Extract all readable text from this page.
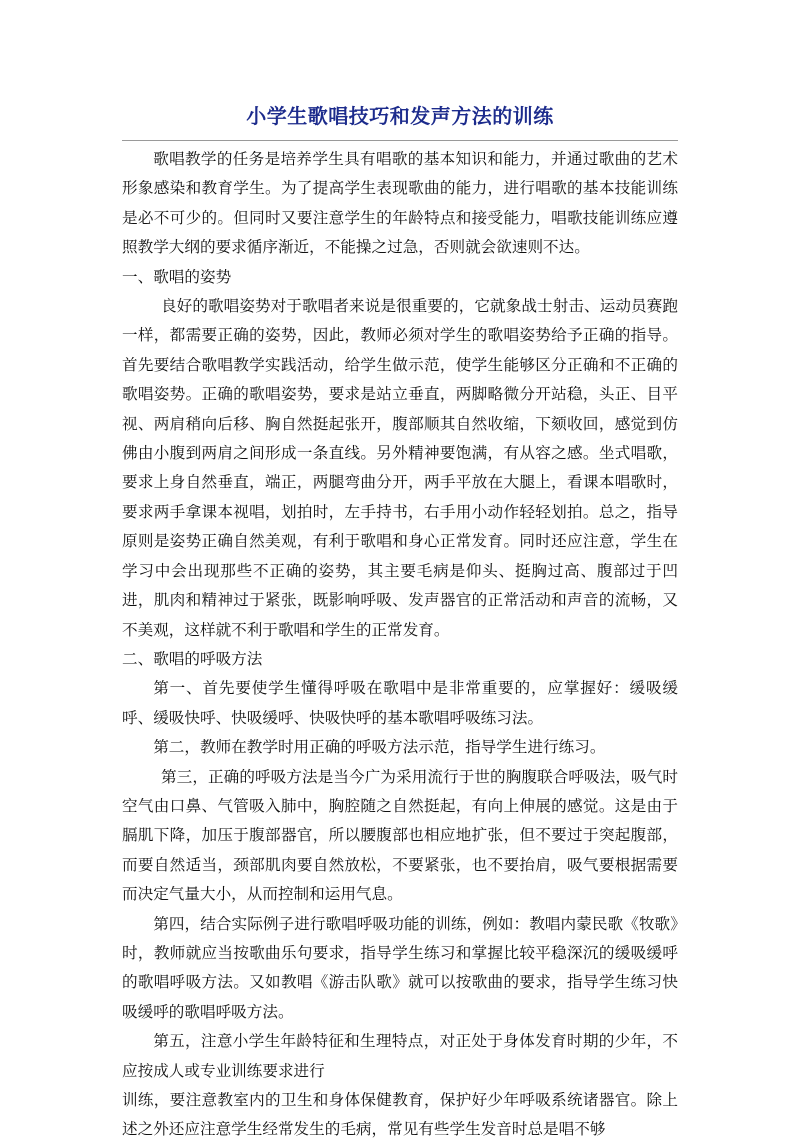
小学生歌唱技巧和发声方法的训练

歌唱教学的任务是培养学生具有唱歌的基本知识和能力，并通过歌曲的艺术形象感染和教育学生。为了提高学生表现歌曲的能力，进行唱歌的基本技能训练是必不可少的。但同时又要注意学生的年龄特点和接受能力，唱歌技能训练应遵照教学大纲的要求循序渐近，不能操之过急，否则就会欲速则不达。

一、歌唱的姿势

良好的歌唱姿势对于歌唱者来说是很重要的，它就象战士射击、运动员赛跑一样，都需要正确的姿势，因此，教师必须对学生的歌唱姿势给予正确的指导。首先要结合歌唱教学实践活动，给学生做示范，使学生能够区分正确和不正确的歌唱姿势。正确的歌唱姿势，要求是站立垂直，两脚略微分开站稳，头正、目平视、两肩稍向后移、胸自然挺起张开，腹部顺其自然收缩，下颏收回，感觉到仿佛由小腹到两肩之间形成一条直线。另外精神要饱满，有从容之感。坐式唱歌，要求上身自然垂直，端正，两腿弯曲分开，两手平放在大腿上，看课本唱歌时，要求两手拿课本视唱，划拍时，左手持书，右手用小动作轻轻划拍。总之，指导原则是姿势正确自然美观，有利于歌唱和身心正常发育。同时还应注意，学生在学习中会出现那些不正确的姿势，其主要毛病是仰头、挺胸过高、腹部过于凹进，肌肉和精神过于紧张，既影响呼吸、发声器官的正常活动和声音的流畅，又不美观，这样就不利于歌唱和学生的正常发育。

二、歌唱的呼吸方法

第一、首先要使学生懂得呼吸在歌唱中是非常重要的，应掌握好：缓吸缓呼、缓吸快呼、快吸缓呼、快吸快呼的基本歌唱呼吸练习法。

第二，教师在教学时用正确的呼吸方法示范，指导学生进行练习。

第三，正确的呼吸方法是当今广为采用流行于世的胸腹联合呼吸法，吸气时空气由口鼻、气管吸入肺中，胸腔随之自然挺起，有向上伸展的感觉。这是由于膈肌下降，加压于腹部器官，所以腰腹部也相应地扩张，但不要过于突起腹部，而要自然适当，颈部肌肉要自然放松，不要紧张，也不要抬肩，吸气要根据需要而决定气量大小，从而控制和运用气息。

第四，结合实际例子进行歌唱呼吸功能的训练，例如：教唱内蒙民歌《牧歌》时，教师就应当按歌曲乐句要求，指导学生练习和掌握比较平稳深沉的缓吸缓呼的歌唱呼吸方法。又如教唱《游击队歌》就可以按歌曲的要求，指导学生练习快吸缓呼的歌唱呼吸方法。

第五，注意小学生年龄特征和生理特点，对正处于身体发育时期的少年，不应按成人或专业训练要求进行

训练，要注意教室内的卫生和身体保健教育，保护好少年呼吸系统诸器官。除上述之外还应注意学生经常发生的毛病，常见有些学生发音时总是唱不够
